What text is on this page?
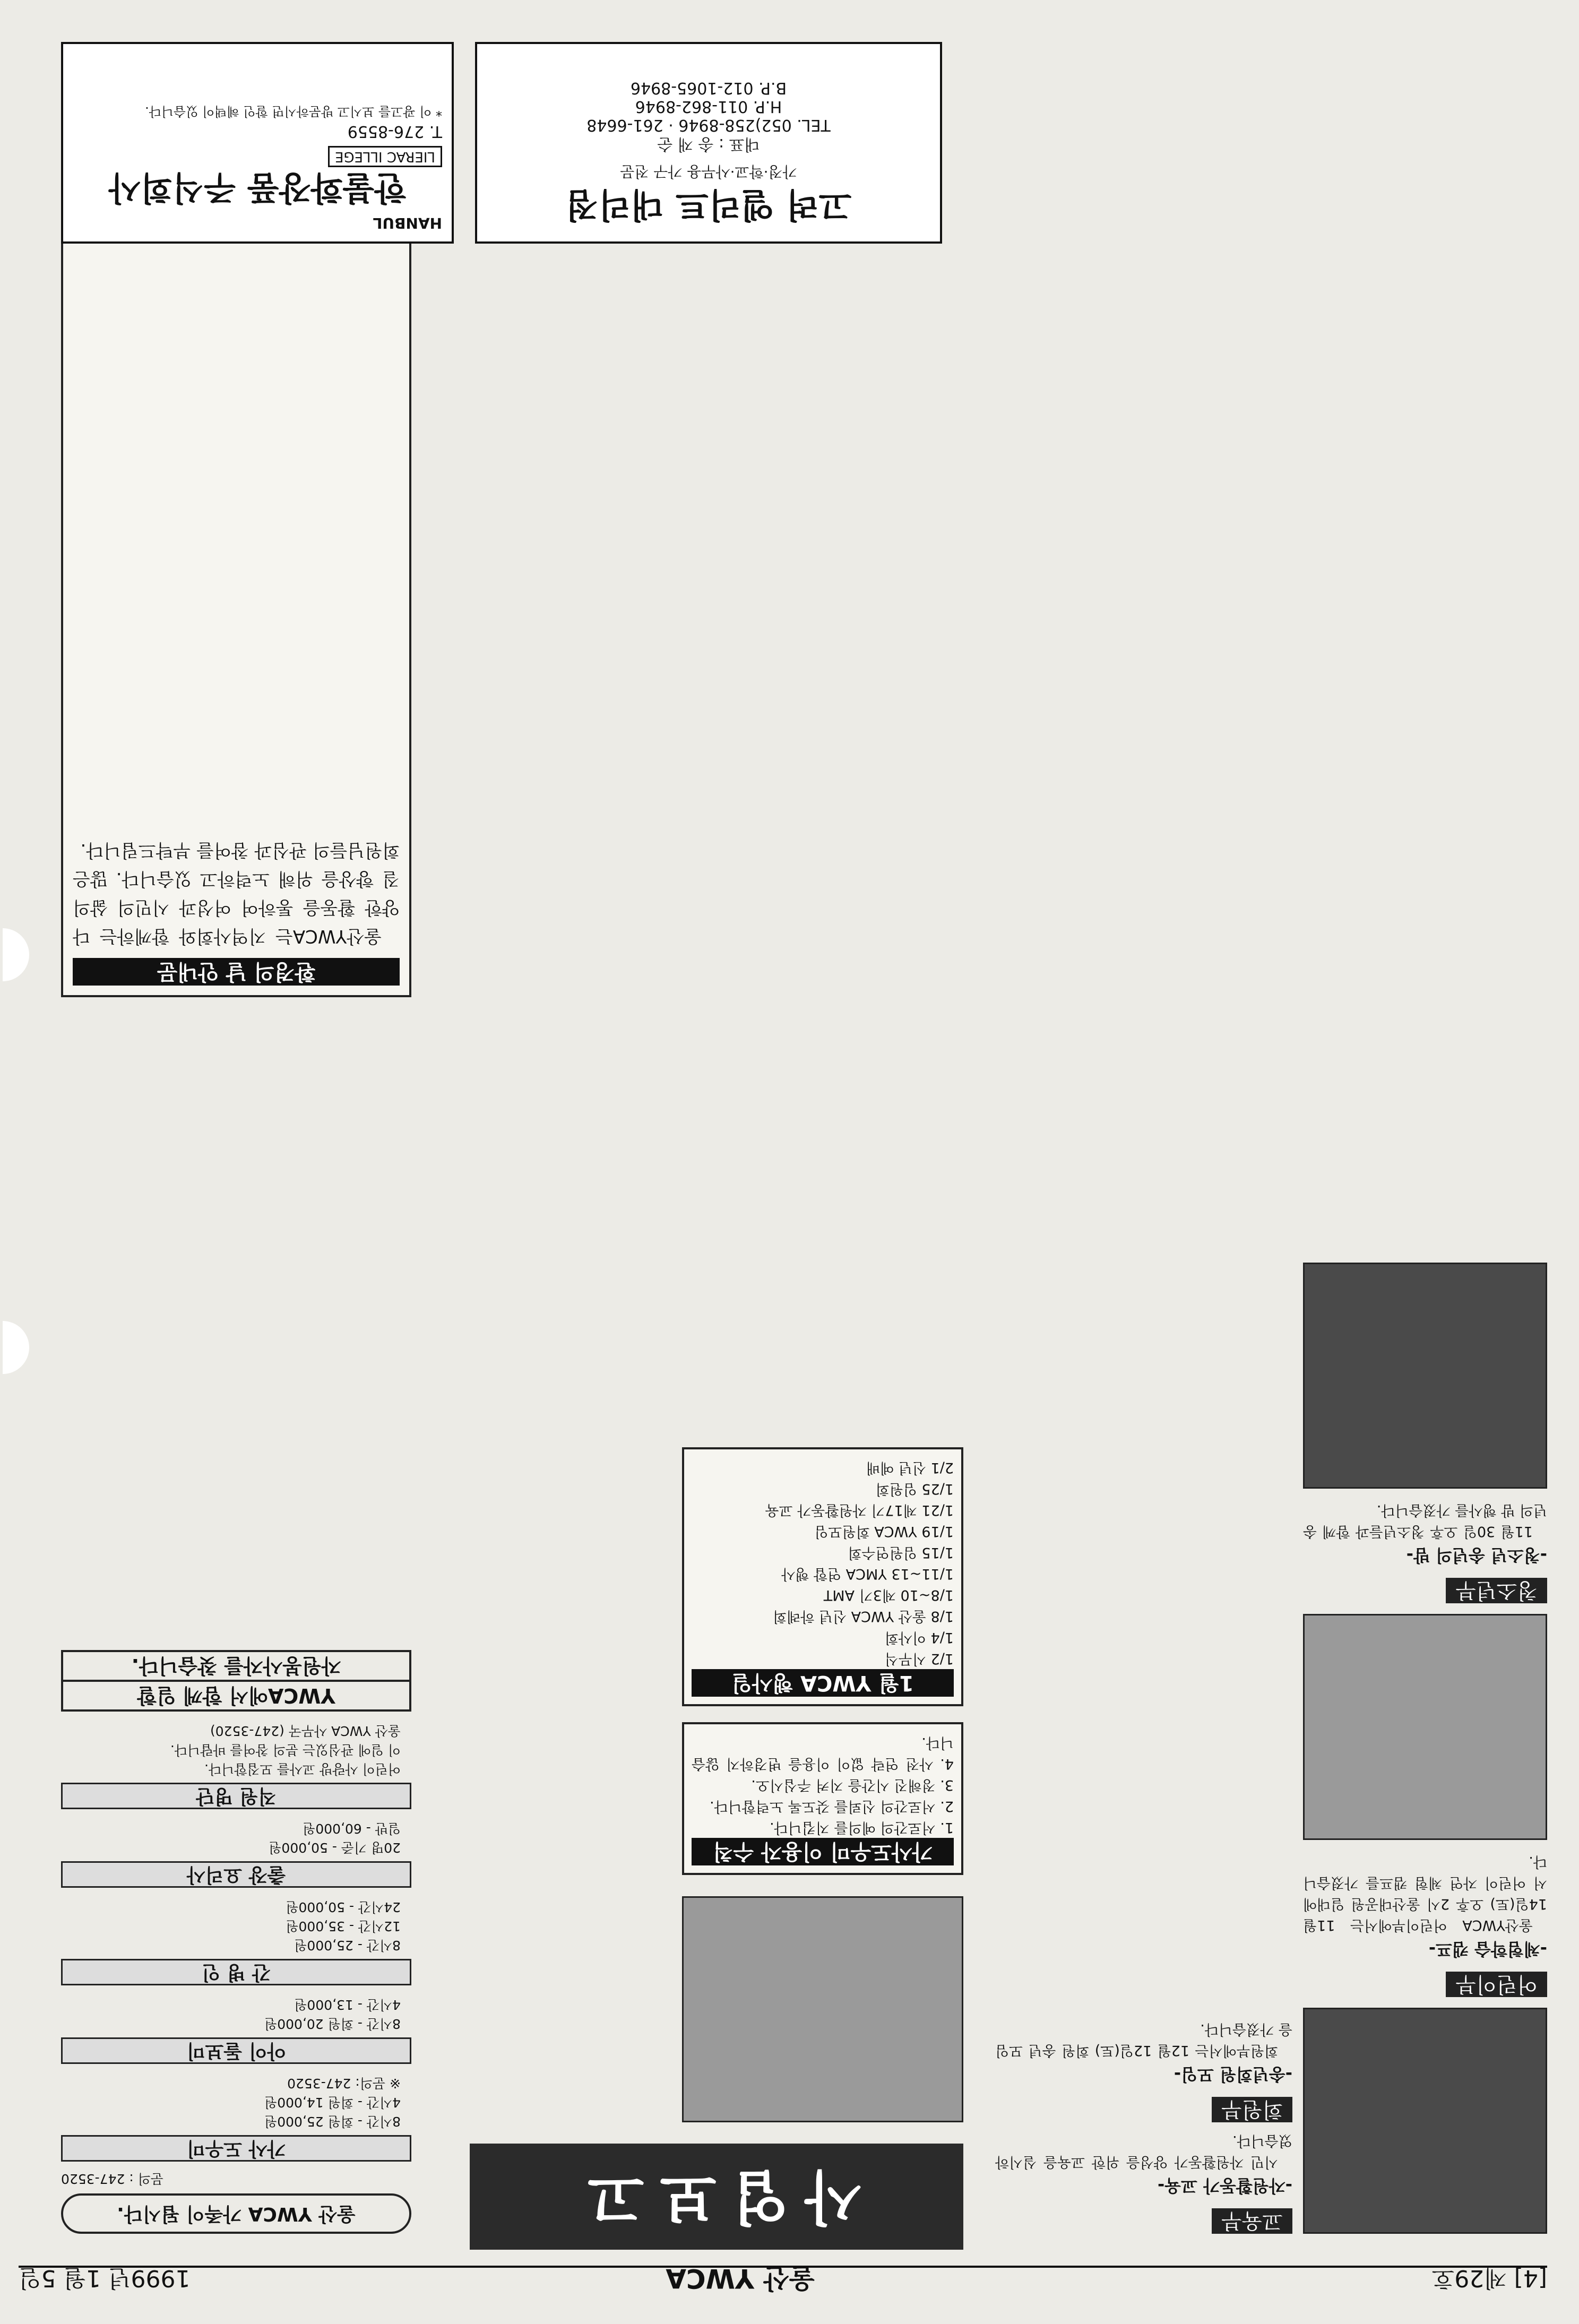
[4] 제29호
울산 YWCA
1999년 1월 5일
사업보고
어린이부
-체험학습 캠프-

울산YWCA 어린이부에서는 11월 14일(토) 오후 2시 울산대공원 일대에서 어린이 자연 체험 캠프를 가졌습니다.

청소년부
-청소년 송년의 밤-

11월 30일 오후 청소년들과 함께 송년의 밤 행사를 가졌습니다.

교육부
-자원활동가 교육-

시민 자원활동가 양성을 위한 교육을 실시하였습니다.

회원부
-송년회원 모임-

회원부에서는 12월 12일(토) 회원 송년 모임을 가졌습니다.

가사도우미 이용자 수칙
1. 서로간의 예의를 지킵니다.
2. 서로간의 신뢰를 갖도록 노력합니다.
3. 정해진 시간을 지켜 주십시오.
4. 사전 연락 없이 이용을 변경하지 않습니다.
1월 YWCA 행사일
1/2 시무식
1/4 이사회
1/8 울산 YWCA 신년 하례회
1/8~10 제3기 AMT
1/11~13 YMCA 연합 행사
1/15 임원연수회
1/19 YWCA 회원모임
1/21 제17기 자원활동가 교육
1/25 임원회
2/1 신년 예배
울산 YWCA 가족이 됩시다.
문의 : 247-3520
가사 도우미
8시간 - 회원 25,000원
4시간 - 회원 14,000원
※ 문의: 247-3520
아이 돌보미
8시간 - 회원 20,000원
4시간 - 13,000원
간 병 인
8시간 - 25,000원
12시간 - 35,000원
24시간 - 50,000원
출장 요리사
20명 기준 - 50,000원
일반 - 60,000원
직원 명단
어린이 사랑방 교사를 모집합니다.
이 일에 관심있는 분의 참여를 바랍니다.
울산 YWCA 사무국 (247-3520)
YWCA에서 함께 일할
자원봉사자를 찾습니다.
환경의 날 안내문

울산YWCA는 지역사회와 함께하는 다양한 활동을 통하여 여성과 시민의 삶의 질 향상을 위해 노력하고 있습니다. 많은 회원님들의 관심과 참여를 부탁드립니다.

고려 엘리트 대리점
가정·학교·사무용 가구 전문
대표 : 송 재 순
TEL. 052)258-8946 · 261-6648
H.P. 011-862-8946
B.P. 012-1065-8946
HANBUL
한불화장품 주식회사
LIERAC ILLEGE
T. 276-8559
* 이 광고를 보시고 방문하시면 할인 혜택이 있습니다.
